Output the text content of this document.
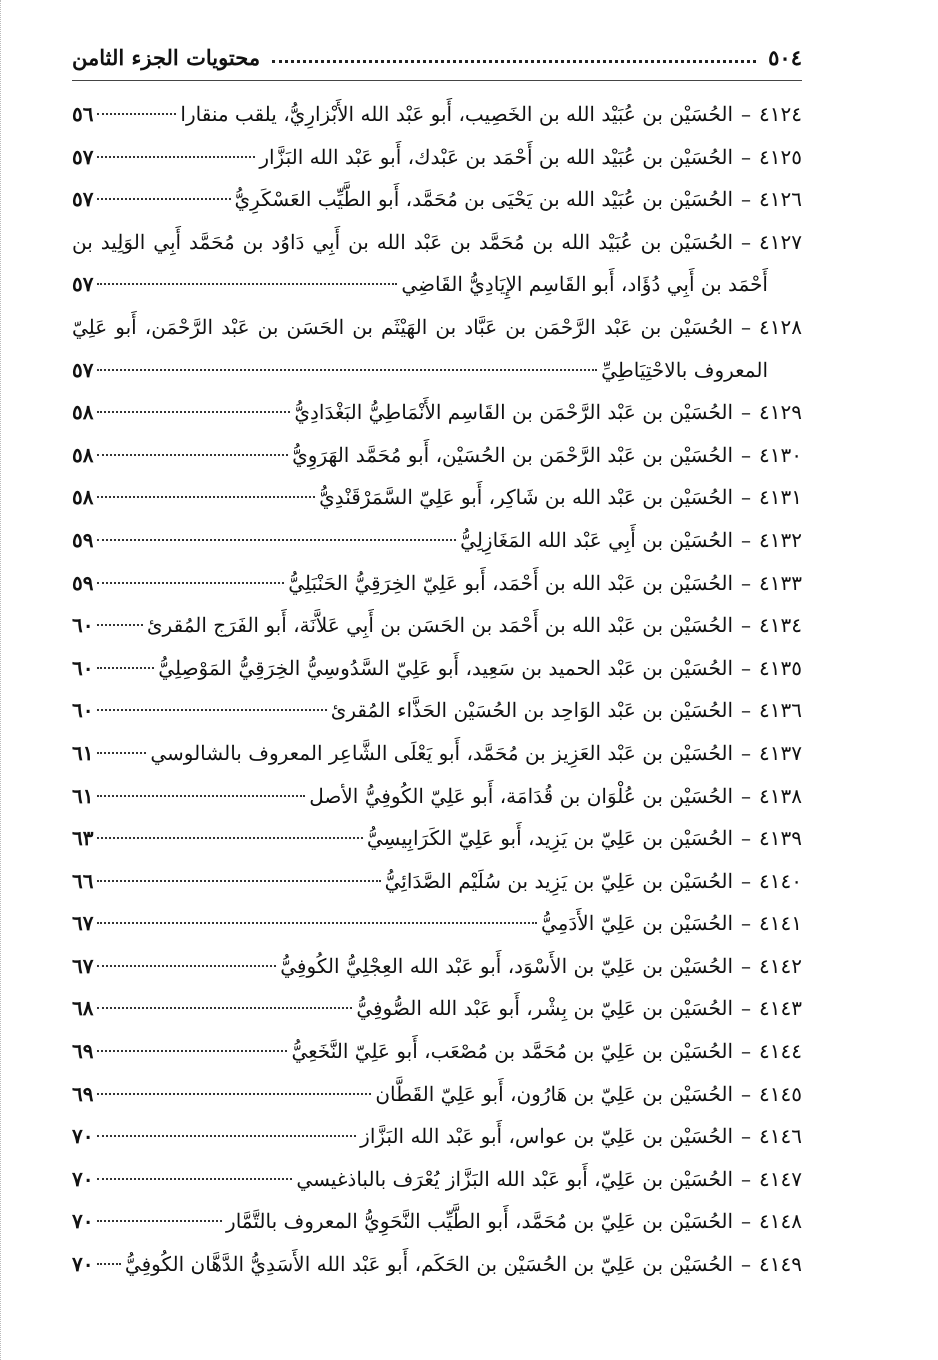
٥٠٤
محتويات الجزء الثامن
٤١٢٤
–
الحُسَيْن بن عُبَيْد الله بن الخَصِيب، أَبو عَبْد الله الأَبْزارِيُّ، يلقب منقارا
٥٦
٤١٢٥
–
الحُسَيْن بن عُبَيْد الله بن أَحْمَد بن عَبْدك، أَبو عَبْد الله البَزَّار
٥٧
٤١٢٦
–
الحُسَيْن بن عُبَيْد الله بن يَحْيَى بن مُحَمَّد، أَبو الطَّيِّب العَسْكَرِيُّ
٥٧
٤١٢٧
–
الحُسَيْن بن عُبَيْد الله بن مُحَمَّد بن عَبْد الله بن أَبِي دَاوُد بن مُحَمَّد أَبِي الوَلِيد بن
أَحْمَد بن أَبِي دُؤَاد، أَبو القَاسِم الإِيَادِيُّ القَاضِي
٥٧
٤١٢٨
–
الحُسَيْن بن عَبْد الرَّحْمَن بن عَبَّاد بن الهَيْثَم بن الحَسَن بن عَبْد الرَّحْمَن، أَبو عَلِيّ
المعروف بالاحْتِيَاطِيِّ
٥٧
٤١٢٩
–
الحُسَيْن بن عَبْد الرَّحْمَن بن القَاسِم الأَنْمَاطِيُّ البَغْدَادِيُّ
٥٨
٤١٣٠
–
الحُسَيْن بن عَبْد الرَّحْمَن بن الحُسَيْن، أَبو مُحَمَّد الهَرَوِيُّ
٥٨
٤١٣١
–
الحُسَيْن بن عَبْد الله بن شَاكِر، أَبو عَلِيّ السَّمَرْقَنْدِيُّ
٥٨
٤١٣٢
–
الحُسَيْن بن أَبِي عَبْد الله المَغَازِلِيُّ
٥٩
٤١٣٣
–
الحُسَيْن بن عَبْد الله بن أَحْمَد، أَبو عَلِيّ الخِرَقِيُّ الحَنْبَلِيُّ
٥٩
٤١٣٤
–
الحُسَيْن بن عَبْد الله بن أَحْمَد بن الحَسَن بن أَبِي عَلاَّنَة، أَبو الفَرَج المُقرئ
٦٠
٤١٣٥
–
الحُسَيْن بن عَبْد الحميد بن سَعِيد، أَبو عَلِيّ السَّدُوسِيُّ الخِرَقِيُّ المَوْصِلِيُّ
٦٠
٤١٣٦
–
الحُسَيْن بن عَبْد الوَاحِد بن الحُسَيْن الحَذَّاء المُقرئ
٦٠
٤١٣٧
–
الحُسَيْن بن عَبْد العَزِيز بن مُحَمَّد، أَبو يَعْلَى الشَّاعِر المعروف بالشالوسي
٦١
٤١٣٨
–
الحُسَيْن بن عُلْوَان بن قُدَامَة، أَبو عَلِيّ الكُوفِيُّ الأصل
٦١
٤١٣٩
–
الحُسَيْن بن عَلِيّ بن يَزِيد، أَبو عَلِيّ الكَرَابِيسِيُّ
٦٣
٤١٤٠
–
الحُسَيْن بن عَلِيّ بن يَزِيد بن سُلَيْم الصَّدَائِيُّ
٦٦
٤١٤١
–
الحُسَيْن بن عَلِيّ الأَدَمِيُّ
٦٧
٤١٤٢
–
الحُسَيْن بن عَلِيّ بن الأَسْوَد، أَبو عَبْد الله العِجْلِيُّ الكُوفِيُّ
٦٧
٤١٤٣
–
الحُسَيْن بن عَلِيّ بن بِشْر، أَبو عَبْد الله الصُّوفِيُّ
٦٨
٤١٤٤
–
الحُسَيْن بن عَلِيّ بن مُحَمَّد بن مُصْعَب، أَبو عَلِيّ النَّخَعِيُّ
٦٩
٤١٤٥
–
الحُسَيْن بن عَلِيّ بن هَارُون، أَبو عَلِيّ القَطَّان
٦٩
٤١٤٦
–
الحُسَيْن بن عَلِيّ بن عواس، أَبو عَبْد الله البَزَّاز
٧٠
٤١٤٧
–
الحُسَيْن بن عَلِيّ، أَبو عَبْد الله البَزَّاز يُعْرَف بالباذغيسي
٧٠
٤١٤٨
–
الحُسَيْن بن عَلِيّ بن مُحَمَّد، أَبو الطَّيِّب النَّحَوِيُّ المعروف بالتَّمَّار
٧٠
٤١٤٩
–
الحُسَيْن بن عَلِيّ بن الحُسَيْن بن الحَكَم، أَبو عَبْد الله الأَسَدِيُّ الدَّهَّان الكُوفِيُّ
٧٠
